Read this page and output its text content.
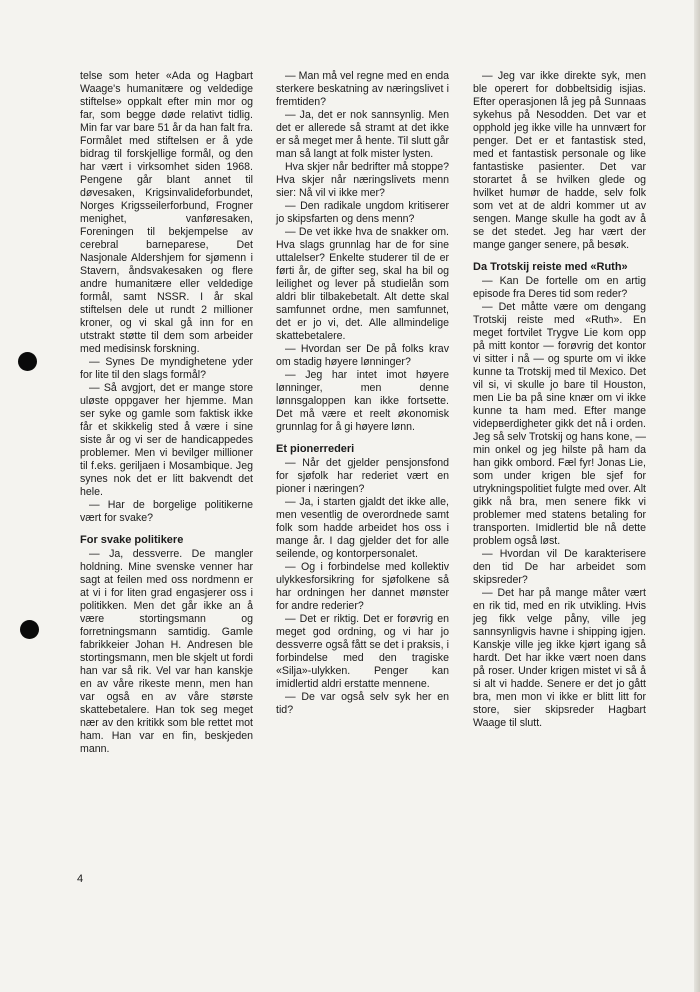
telse som heter «Ada og Hagbart Waage's humanitære og veldedige stiftelse» oppkalt efter min mor og far, som begge døde relativt tidlig. Min far var bare 51 år da han falt fra. Formålet med stiftelsen er å yde bidrag til forskjellige formål, og den har vært i virksomhet siden 1968. Pengene går blant annet til døvesaken, Krigsinvalideforbundet, Norges Krigsseilerforbund, Frogner menighet, vanføresaken, Foreningen til bekjempelse av cerebral barneparese, Det Nasjonale Aldershjem for sjømenn i Stavern, åndsvakesaken og flere andre humanitære eller veldedige formål, samt NSSR. I år skal stiftelsen dele ut rundt 2 millioner kroner, og vi skal gå inn for en utstrakt støtte til dem som arbeider med medisinsk forskning.

— Synes De myndighetene yder for lite til den slags formål?

— Så avgjort, det er mange store uløste oppgaver her hjemme. Man ser syke og gamle som faktisk ikke får et skikkelig sted å være i sine siste år og vi ser de handicappedes problemer. Men vi bevilger millioner til f.eks. geriljaen i Mosambique. Jeg synes nok det er litt bakvendt det hele.

— Har de borgelige politikerne vært for svake?

For svake politikere

— Ja, dessverre. De mangler holdning. Mine svenske venner har sagt at feilen med oss nordmenn er at vi i for liten grad engasjerer oss i politikken. Men det går ikke an å være stortingsmann og forretningsmann samtidig. Gamle fabrikkeier Johan H. Andresen ble stortingsmann, men ble skjelt ut fordi han var så rik. Vel var han kanskje en av våre rikeste menn, men han var også en av våre største skattebetalere. Han tok seg meget nær av den kritikk som ble rettet mot ham. Han var en fin, beskjeden mann.

— Man må vel regne med en enda sterkere beskatning av næringslivet i fremtiden?

— Ja, det er nok sannsynlig. Men det er allerede så stramt at det ikke er så meget mer å hente. Til slutt går man så langt at folk mister lysten.

Hva skjer når bedrifter må stoppe? Hva skjer når næringslivets menn sier: Nå vil vi ikke mer?

— Den radikale ungdom kritiserer jo skipsfarten og dens menn?

— De vet ikke hva de snakker om. Hva slags grunnlag har de for sine uttalelser? Enkelte studerer til de er førti år, de gifter seg, skal ha bil og leilighet og lever på studielån som aldri blir tilbakebetalt. Alt dette skal samfunnet ordne, men samfunnet, det er jo vi, det. Alle allmindelige skattebetalere.

— Hvordan ser De på folks krav om stadig høyere lønninger?

— Jeg har intet imot høyere lønninger, men denne lønnsgaloppen kan ikke fortsette. Det må være et reelt økonomisk grunnlag for å gi høyere lønn.

Et pionerrederi

— Når det gjelder pensjonsfond for sjøfolk har rederiet vært en pioner i næringen?

— Ja, i starten gjaldt det ikke alle, men vesentlig de overordnede samt folk som hadde arbeidet hos oss i mange år. I dag gjelder det for alle seilende, og kontorpersonalet.

— Og i forbindelse med kollektiv ulykkesforsikring for sjøfolkene så har ordningen her dannet mønster for andre rederier?

— Det er riktig. Det er forøvrig en meget god ordning, og vi har jo dessverre også fått se det i praksis, i forbindelse med den tragiske «Silja»-ulykken. Penger kan imidlertid aldri erstatte mennene.

— De var også selv syk her en tid?

— Jeg var ikke direkte syk, men ble operert for dobbeltsidig isjias. Efter operasjonen lå jeg på Sunnaas sykehus på Nesodden. Det var et opphold jeg ikke ville ha unnvært for penger. Det er et fantastisk sted, med et fantastisk personale og like fantastiske pasienter. Det var storartet å se hvilken glede og hvilket humør de hadde, selv folk som vet at de aldri kommer ut av sengen. Mange skulle ha godt av å se det stedet. Jeg har vært der mange ganger senere, på besøk.

Da Trotskij reiste med «Ruth»

— Kan De fortelle om en artig episode fra Deres tid som reder?

— Det måtte være om dengang Trotskij reiste med «Ruth». En meget fortvilet Trygve Lie kom opp på mitt kontor — forøvrig det kontor vi sitter i nå — og spurte om vi ikke kunne ta Trotskij med til Mexico. Det vil si, vi skulle jo bare til Houston, men Lie ba på sine knær om vi ikke kunne ta ham med. Efter mange vidервerdigheter gikk det nå i orden. Jeg så selv Trotskij og hans kone, — min onkel og jeg hilste på ham da han gikk ombord. Fæl fyr! Jonas Lie, som under krigen ble sjef for utrykningspolitiet fulgte med over. Alt gikk nå bra, men senere fikk vi problemer med statens betaling for transporten. Imidlertid ble nå dette problem også løst.

— Hvordan vil De karakterisere den tid De har arbeidet som skipsreder?

— Det har på mange måter vært en rik tid, med en rik utvikling. Hvis jeg fikk velge påny, ville jeg sannsynligvis havne i shipping igjen. Kanskje ville jeg ikke kjørt igang så hardt. Det har ikke vært noen dans på roser. Under krigen mistet vi så å si alt vi hadde. Senere er det jo gått bra, men mon vi ikke er blitt litt for store, sier skipsreder Hagbart Waage til slutt.

4
